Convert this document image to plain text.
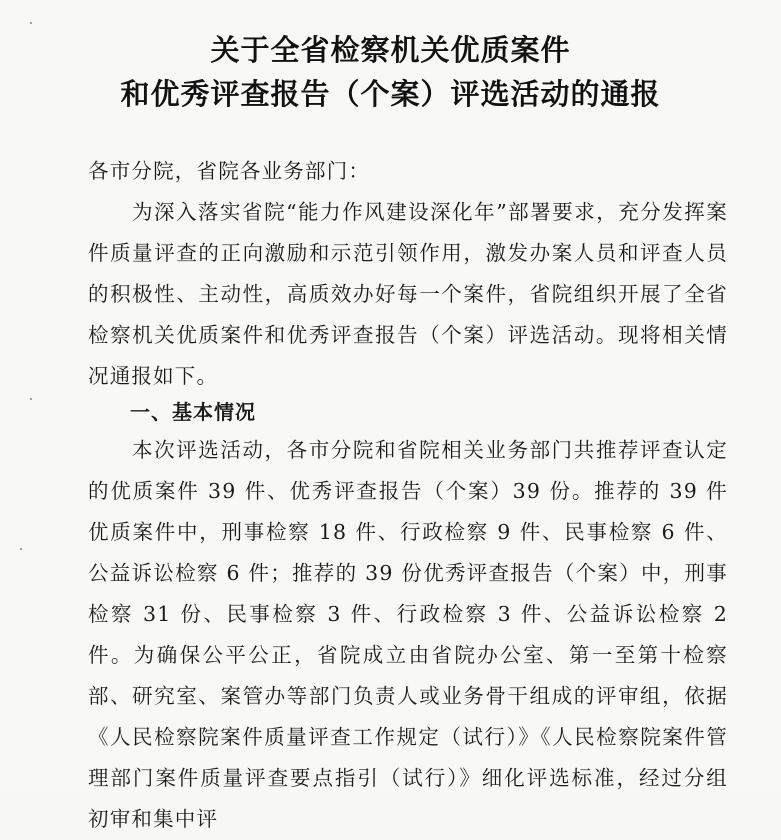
关于全省检察机关优质案件
和优秀评查报告（个案）评选活动的通报
各市分院，省院各业务部门：
为深入落实省院“能力作风建设深化年”部署要求，充分发挥案件质量评查的正向激励和示范引领作用，激发办案人员和评查人员的积极性、主动性，高质效办好每一个案件，省院组织开展了全省检察机关优质案件和优秀评查报告（个案）评选活动。现将相关情况通报如下。
一、基本情况
本次评选活动，各市分院和省院相关业务部门共推荐评查认定的优质案件 39 件、优秀评查报告（个案）39 份。推荐的 39 件优质案件中，刑事检察 18 件、行政检察 9 件、民事检察 6 件、公益诉讼检察 6 件；推荐的 39 份优秀评查报告（个案）中，刑事检察 31 份、民事检察 3 件、行政检察 3 件、公益诉讼检察 2 件。为确保公平公正，省院成立由省院办公室、第一至第十检察部、研究室、案管办等部门负责人或业务骨干组成的评审组，依据《人民检察院案件质量评查工作规定（试行）》《人民检察院案件管理部门案件质量评查要点指引（试行）》细化评选标准，经过分组初审和集中评
